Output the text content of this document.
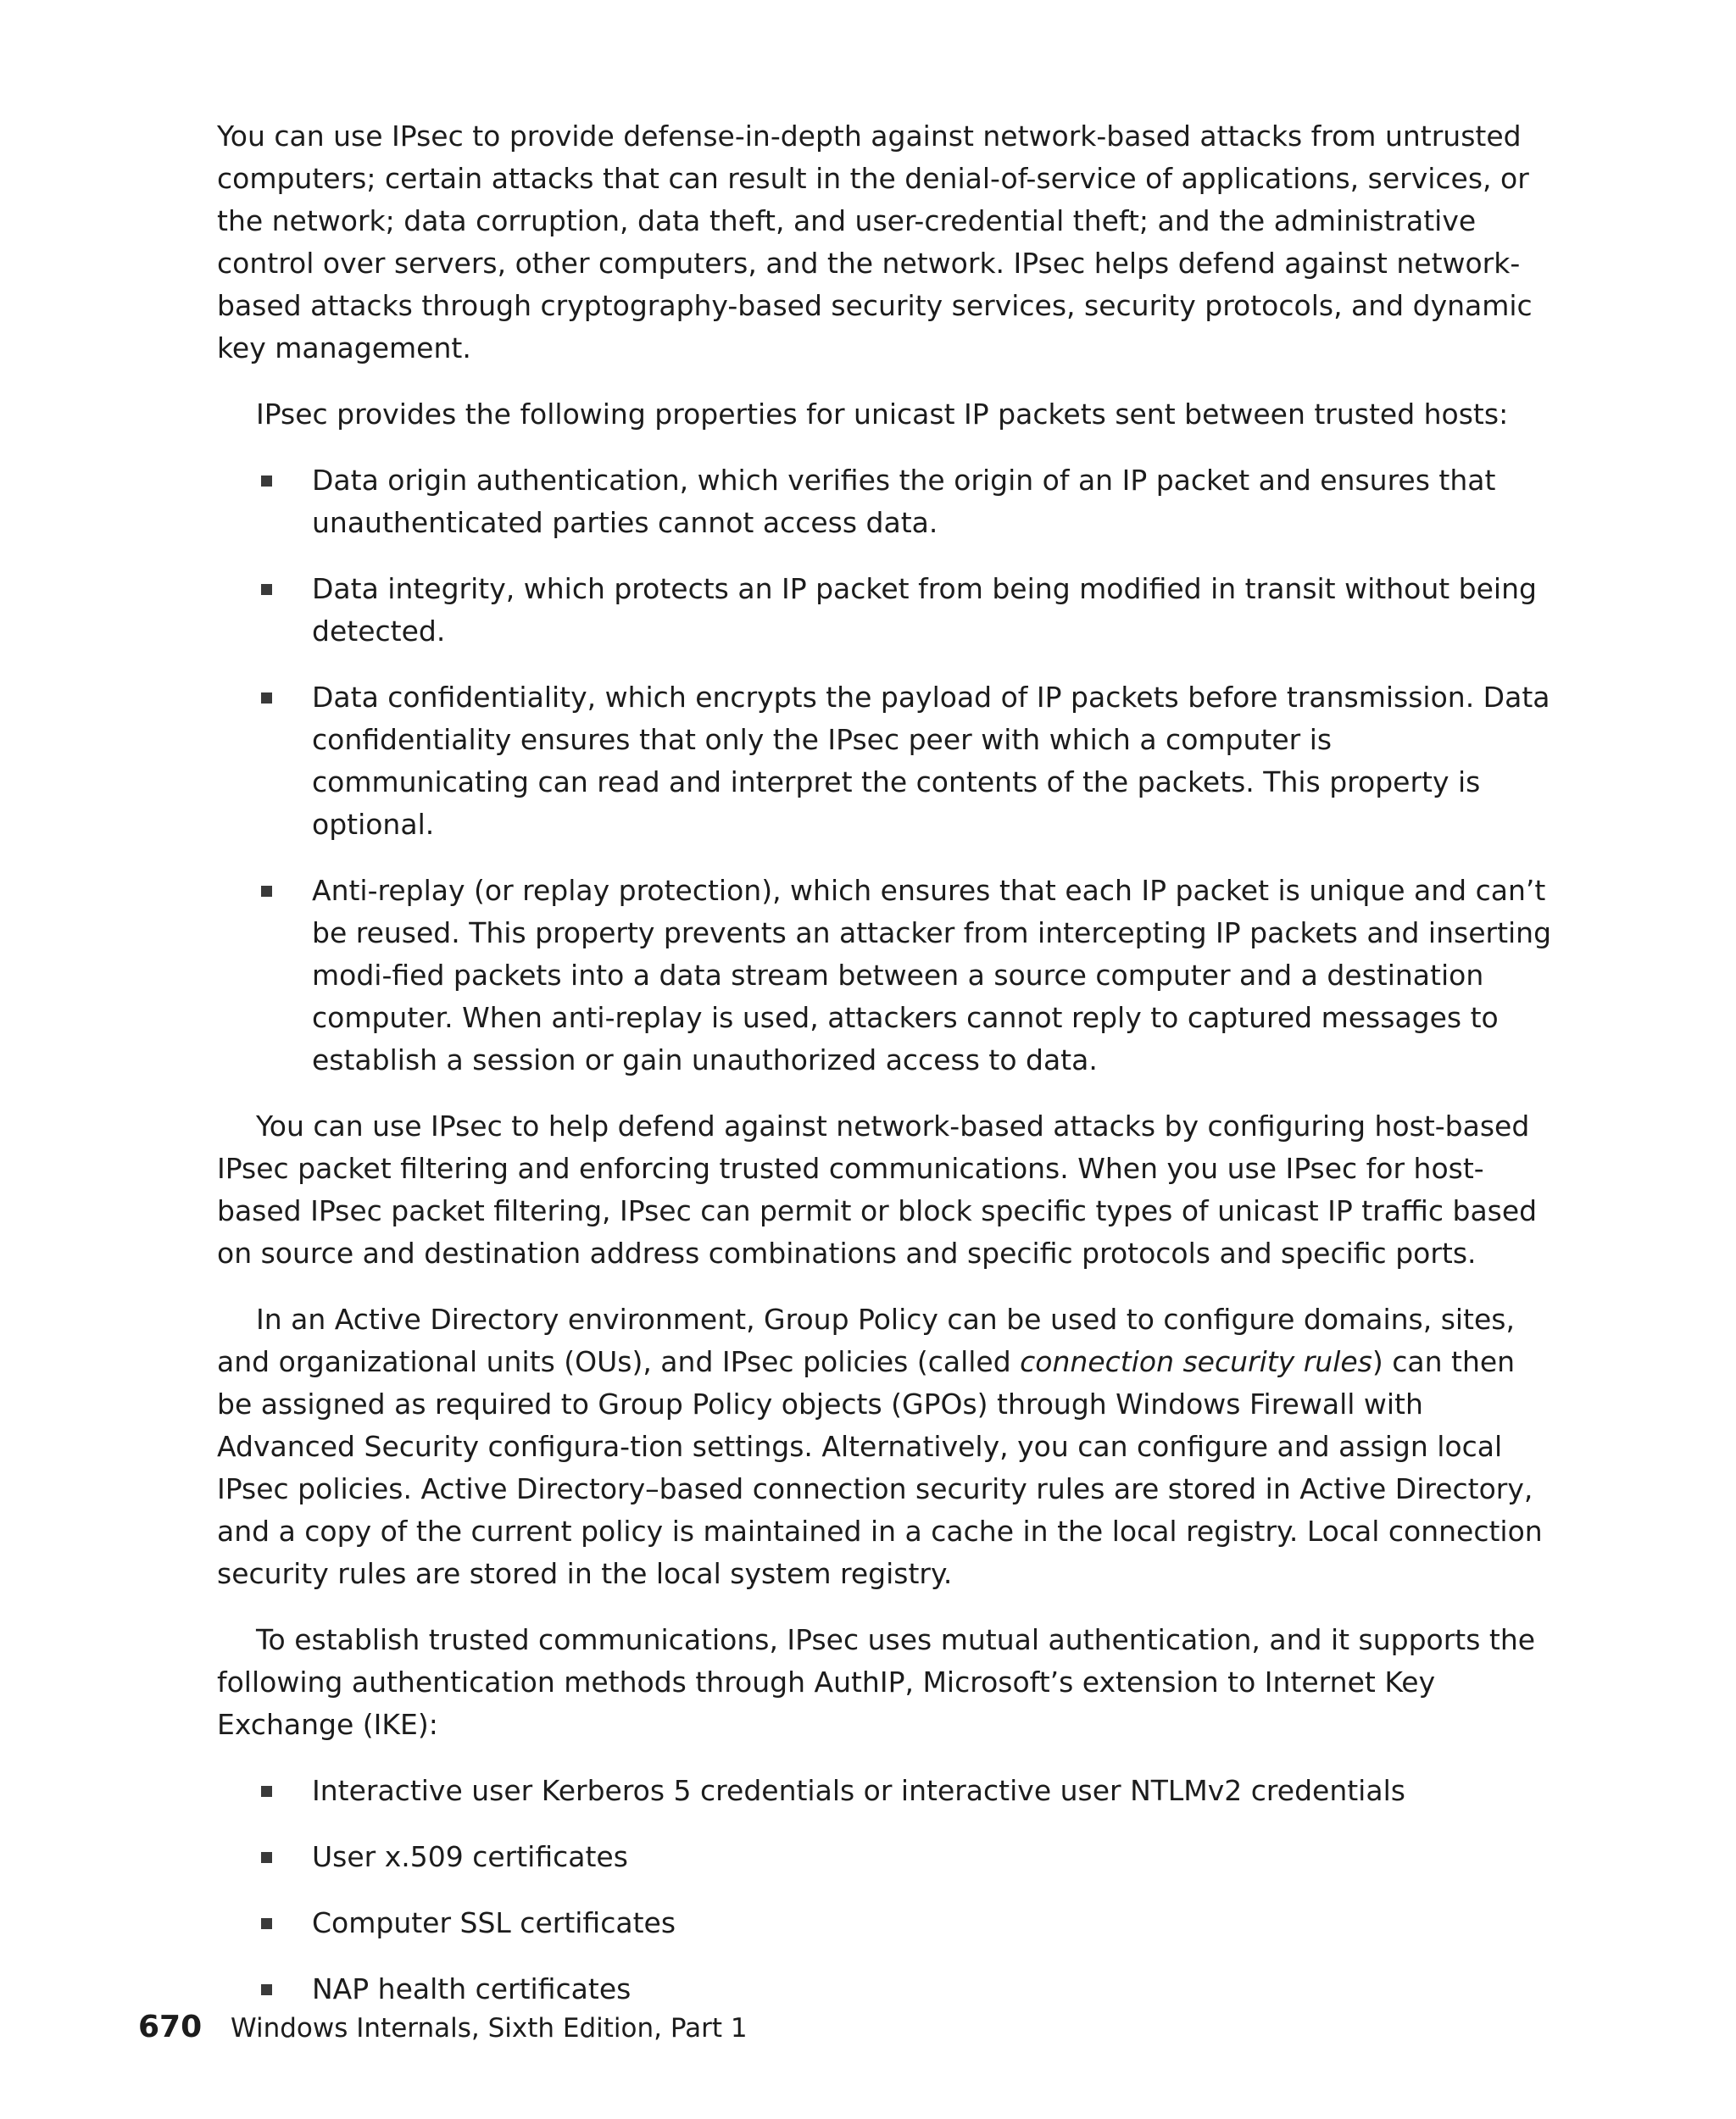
You can use IPsec to provide defense-in-depth against network-based attacks from untrusted computers; certain attacks that can result in the denial-of-service of applications, services, or the network; data corruption, data theft, and user-credential theft; and the administrative control over servers, other computers, and the network. IPsec helps defend against network-based attacks through cryptography-based security services, security protocols, and dynamic key management.

IPsec provides the following properties for unicast IP packets sent between trusted hosts:

Data origin authentication, which verifies the origin of an IP packet and ensures that unauthenticated parties cannot access data.
Data integrity, which protects an IP packet from being modified in transit without being detected.
Data confidentiality, which encrypts the payload of IP packets before transmission. Data confidentiality ensures that only the IPsec peer with which a computer is communicating can read and interpret the contents of the packets. This property is optional.
Anti-replay (or replay protection), which ensures that each IP packet is unique and can’t be reused. This property prevents an attacker from intercepting IP packets and inserting modi-fied packets into a data stream between a source computer and a destination computer. When anti-replay is used, attackers cannot reply to captured messages to establish a session or gain unauthorized access to data.

You can use IPsec to help defend against network-based attacks by configuring host-based IPsec packet filtering and enforcing trusted communications. When you use IPsec for host-based IPsec packet filtering, IPsec can permit or block specific types of unicast IP traffic based on source and destination address combinations and specific protocols and specific ports.

In an Active Directory environment, Group Policy can be used to configure domains, sites, and organizational units (OUs), and IPsec policies (called connection security rules) can then be assigned as required to Group Policy objects (GPOs) through Windows Firewall with Advanced Security configura-tion settings. Alternatively, you can configure and assign local IPsec policies. Active Directory–based connection security rules are stored in Active Directory, and a copy of the current policy is maintained in a cache in the local registry. Local connection security rules are stored in the local system registry.

To establish trusted communications, IPsec uses mutual authentication, and it supports the following authentication methods through AuthIP, Microsoft’s extension to Internet Key Exchange (IKE):

Interactive user Kerberos 5 credentials or interactive user NTLMv2 credentials
User x.509 certificates
Computer SSL certificates
NAP health certificates
670 Windows Internals, Sixth Edition, Part 1
